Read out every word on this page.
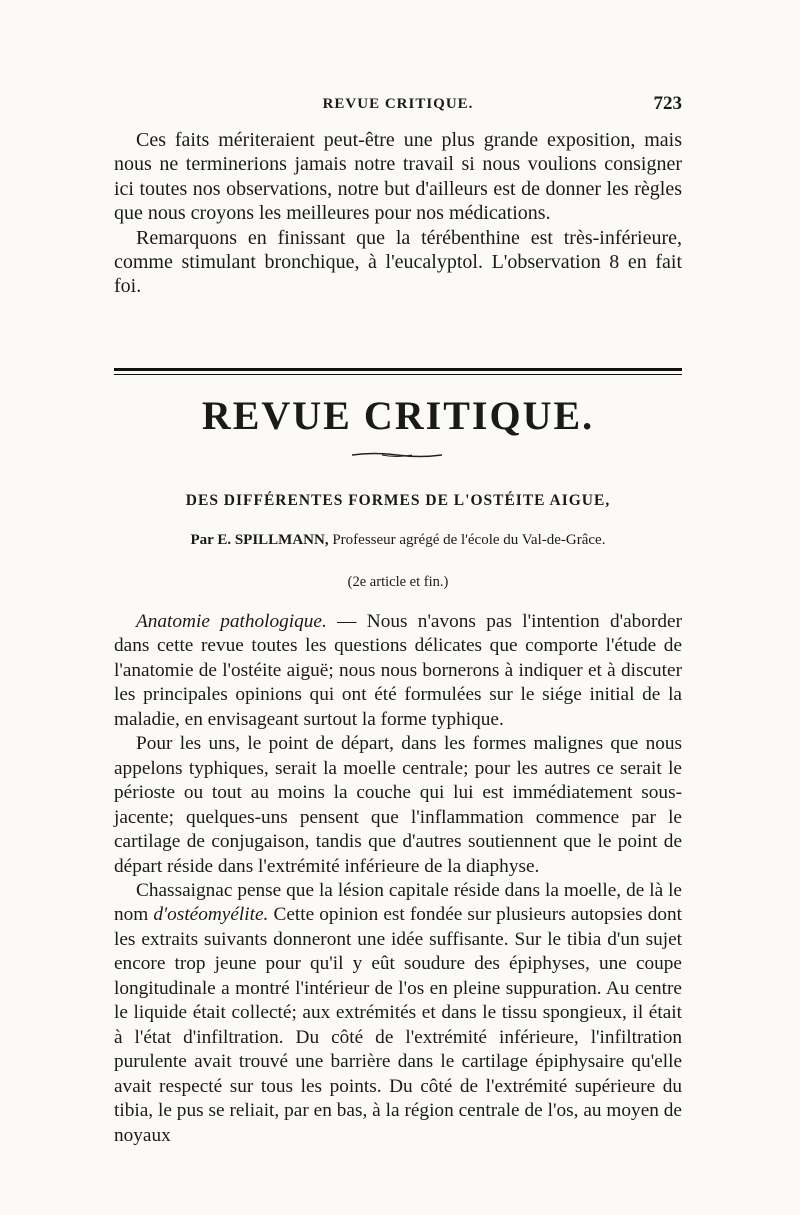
REVUE CRITIQUE.	723

Ces faits mériteraient peut-être une plus grande exposition, mais nous ne terminerions jamais notre travail si nous voulions consigner ici toutes nos observations, notre but d'ailleurs est de donner les règles que nous croyons les meilleures pour nos médications.

Remarquons en finissant que la térébenthine est très-inférieure, comme stimulant bronchique, à l'eucalyptol. L'observation 8 en fait foi.

REVUE CRITIQUE.
DES DIFFÉRENTES FORMES DE L'OSTÉITE AIGUE,
Par E. SPILLMANN, Professeur agrégé de l'école du Val-de-Grâce.
(2e article et fin.)

Anatomie pathologique. — Nous n'avons pas l'intention d'aborder dans cette revue toutes les questions délicates que comporte l'étude de l'anatomie de l'ostéite aiguë; nous nous bornerons à indiquer et à discuter les principales opinions qui ont été formulées sur le siége initial de la maladie, en envisageant surtout la forme typhique.

Pour les uns, le point de départ, dans les formes malignes que nous appelons typhiques, serait la moelle centrale; pour les autres ce serait le périoste ou tout au moins la couche qui lui est immédiatement sous-jacente; quelques-uns pensent que l'inflammation commence par le cartilage de conjugaison, tandis que d'autres soutiennent que le point de départ réside dans l'extrémité inférieure de la diaphyse.

Chassaignac pense que la lésion capitale réside dans la moelle, de là le nom d'ostéomyélite. Cette opinion est fondée sur plusieurs autopsies dont les extraits suivants donneront une idée suffisante. Sur le tibia d'un sujet encore trop jeune pour qu'il y eût soudure des épiphyses, une coupe longitudinale a montré l'intérieur de l'os en pleine suppuration. Au centre le liquide était collecté; aux extrémités et dans le tissu spongieux, il était à l'état d'infiltration. Du côté de l'extrémité inférieure, l'infiltration purulente avait trouvé une barrière dans le cartilage épiphysaire qu'elle avait respecté sur tous les points. Du côté de l'extrémité supérieure du tibia, le pus se reliait, par en bas, à la région centrale de l'os, au moyen de noyaux
